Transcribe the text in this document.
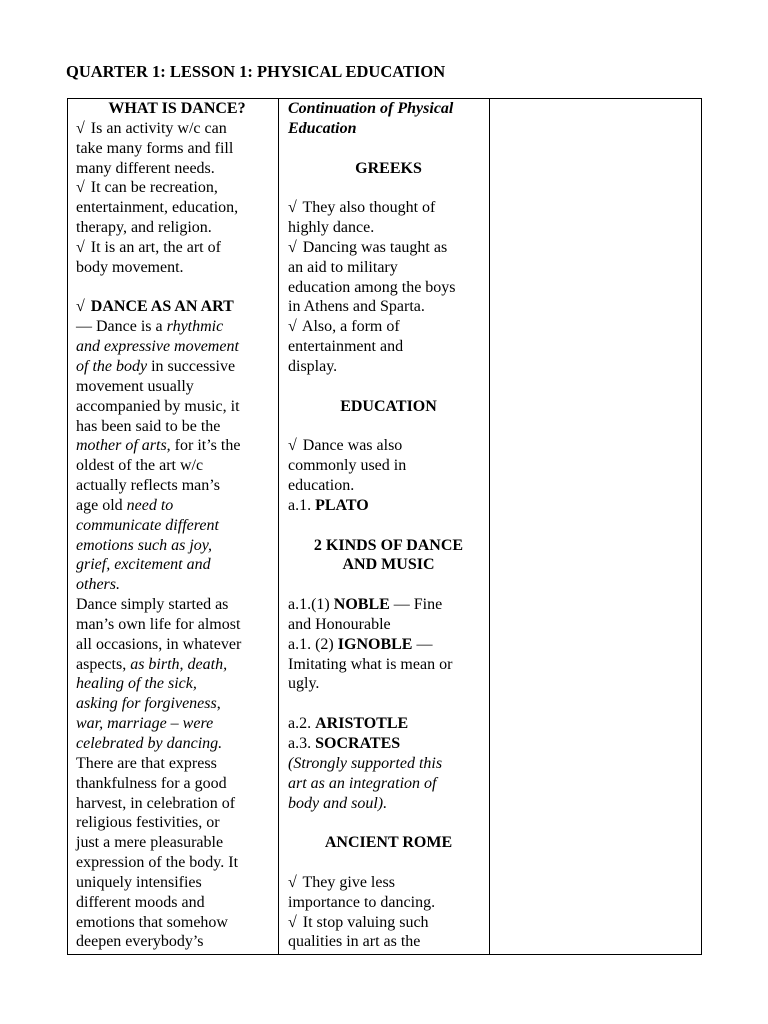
QUARTER 1: LESSON 1: PHYSICAL EDUCATION
WHAT IS DANCE?
√ Is an activity w/c can
take many forms and fill
many different needs.
√ It can be recreation,
entertainment, education,
therapy, and religion.
√ It is an art, the art of
body movement.
√ DANCE AS AN ART
— Dance is a rhythmic
and expressive movement
of the body in successive
movement usually
accompanied by music, it
has been said to be the
mother of arts, for it’s the
oldest of the art w/c
actually reflects man’s
age old need to
communicate different
emotions such as joy,
grief, excitement and
others.
Dance simply started as
man’s own life for almost
all occasions, in whatever
aspects, as birth, death,
healing of the sick,
asking for forgiveness,
war, marriage – were
celebrated by dancing.
There are that express
thankfulness for a good
harvest, in celebration of
religious festivities, or
just a mere pleasurable
expression of the body. It
uniquely intensifies
different moods and
emotions that somehow
deepen everybody’s
Continuation of Physical
Education
GREEKS
√ They also thought of
highly dance.
√ Dancing was taught as
an aid to military
education among the boys
in Athens and Sparta.
√ Also, a form of
entertainment and
display.
EDUCATION
√ Dance was also
commonly used in
education.
a.1. PLATO
2 KINDS OF DANCE
AND MUSIC
a.1.(1) NOBLE — Fine
and Honourable
a.1. (2) IGNOBLE —
Imitating what is mean or
ugly.
a.2. ARISTOTLE
a.3. SOCRATES
(Strongly supported this
art as an integration of
body and soul).
ANCIENT ROME
√ They give less
importance to dancing.
√ It stop valuing such
qualities in art as the
